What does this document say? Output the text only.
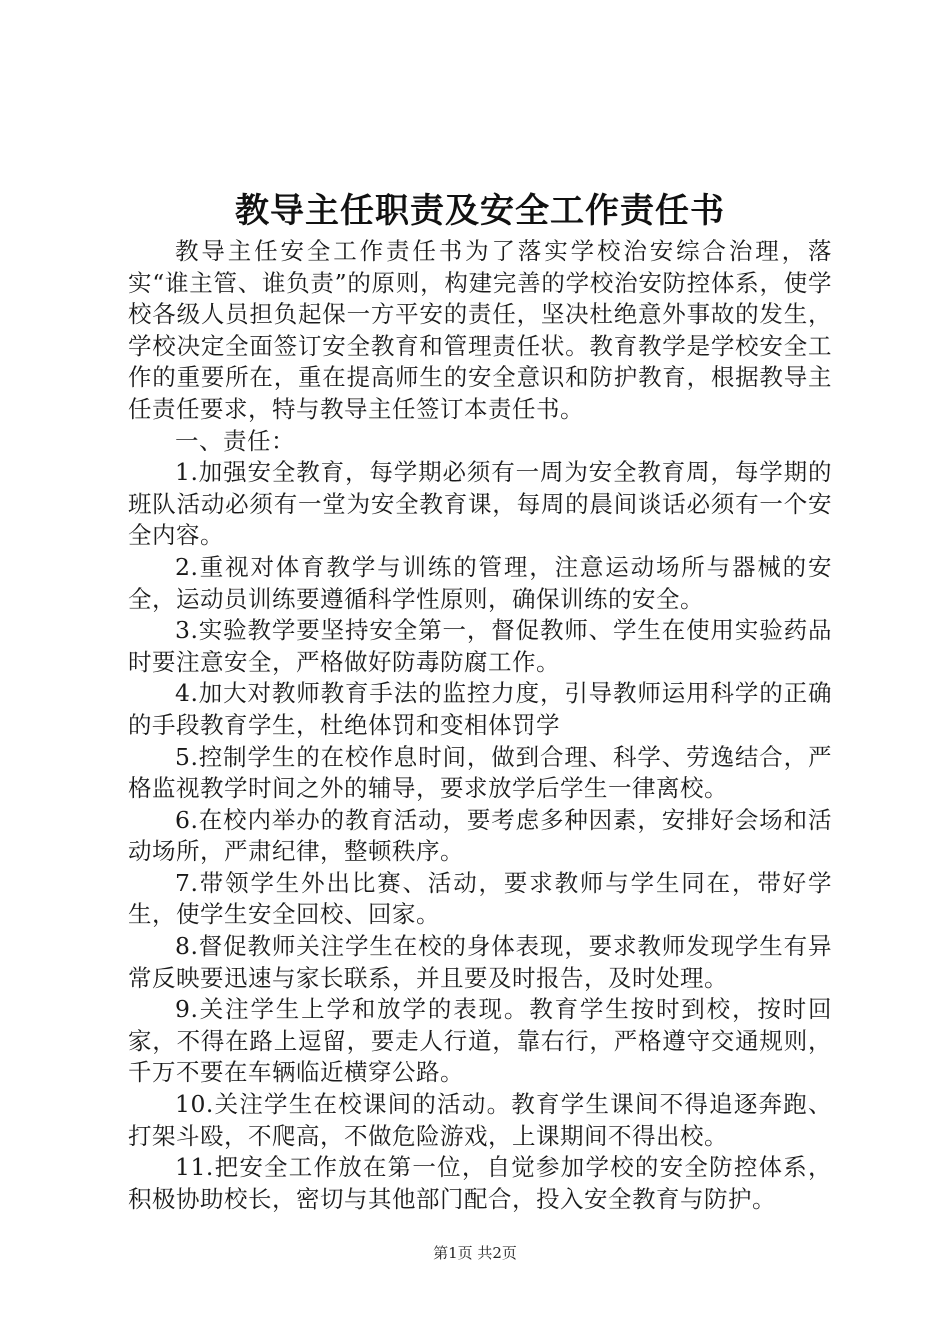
教导主任职责及安全工作责任书

教导主任安全工作责任书为了落实学校治安综合治理，落实“谁主管、谁负责”的原则，构建完善的学校治安防控体系，使学校各级人员担负起保一方平安的责任，坚决杜绝意外事故的发生，学校决定全面签订安全教育和管理责任状。教育教学是学校安全工作的重要所在，重在提高师生的安全意识和防护教育，根据教导主任责任要求，特与教导主任签订本责任书。

一、责任：

1.加强安全教育，每学期必须有一周为安全教育周，每学期的班队活动必须有一堂为安全教育课，每周的晨间谈话必须有一个安全内容。

2.重视对体育教学与训练的管理，注意运动场所与器械的安全，运动员训练要遵循科学性原则，确保训练的安全。

3.实验教学要坚持安全第一，督促教师、学生在使用实验药品时要注意安全，严格做好防毒防腐工作。

4.加大对教师教育手法的监控力度，引导教师运用科学的正确的手段教育学生，杜绝体罚和变相体罚学

5.控制学生的在校作息时间，做到合理、科学、劳逸结合，严格监视教学时间之外的辅导，要求放学后学生一律离校。

6.在校内举办的教育活动，要考虑多种因素，安排好会场和活动场所，严肃纪律，整顿秩序。

7.带领学生外出比赛、活动，要求教师与学生同在，带好学生，使学生安全回校、回家。

8.督促教师关注学生在校的身体表现，要求教师发现学生有异常反映要迅速与家长联系，并且要及时报告，及时处理。

9.关注学生上学和放学的表现。教育学生按时到校，按时回家，不得在路上逗留，要走人行道，靠右行，严格遵守交通规则，千万不要在车辆临近横穿公路。

10.关注学生在校课间的活动。教育学生课间不得追逐奔跑、打架斗殴，不爬高，不做危险游戏，上课期间不得出校。

11.把安全工作放在第一位，自觉参加学校的安全防控体系，积极协助校长，密切与其他部门配合，投入安全教育与防护。

第1页 共2页
